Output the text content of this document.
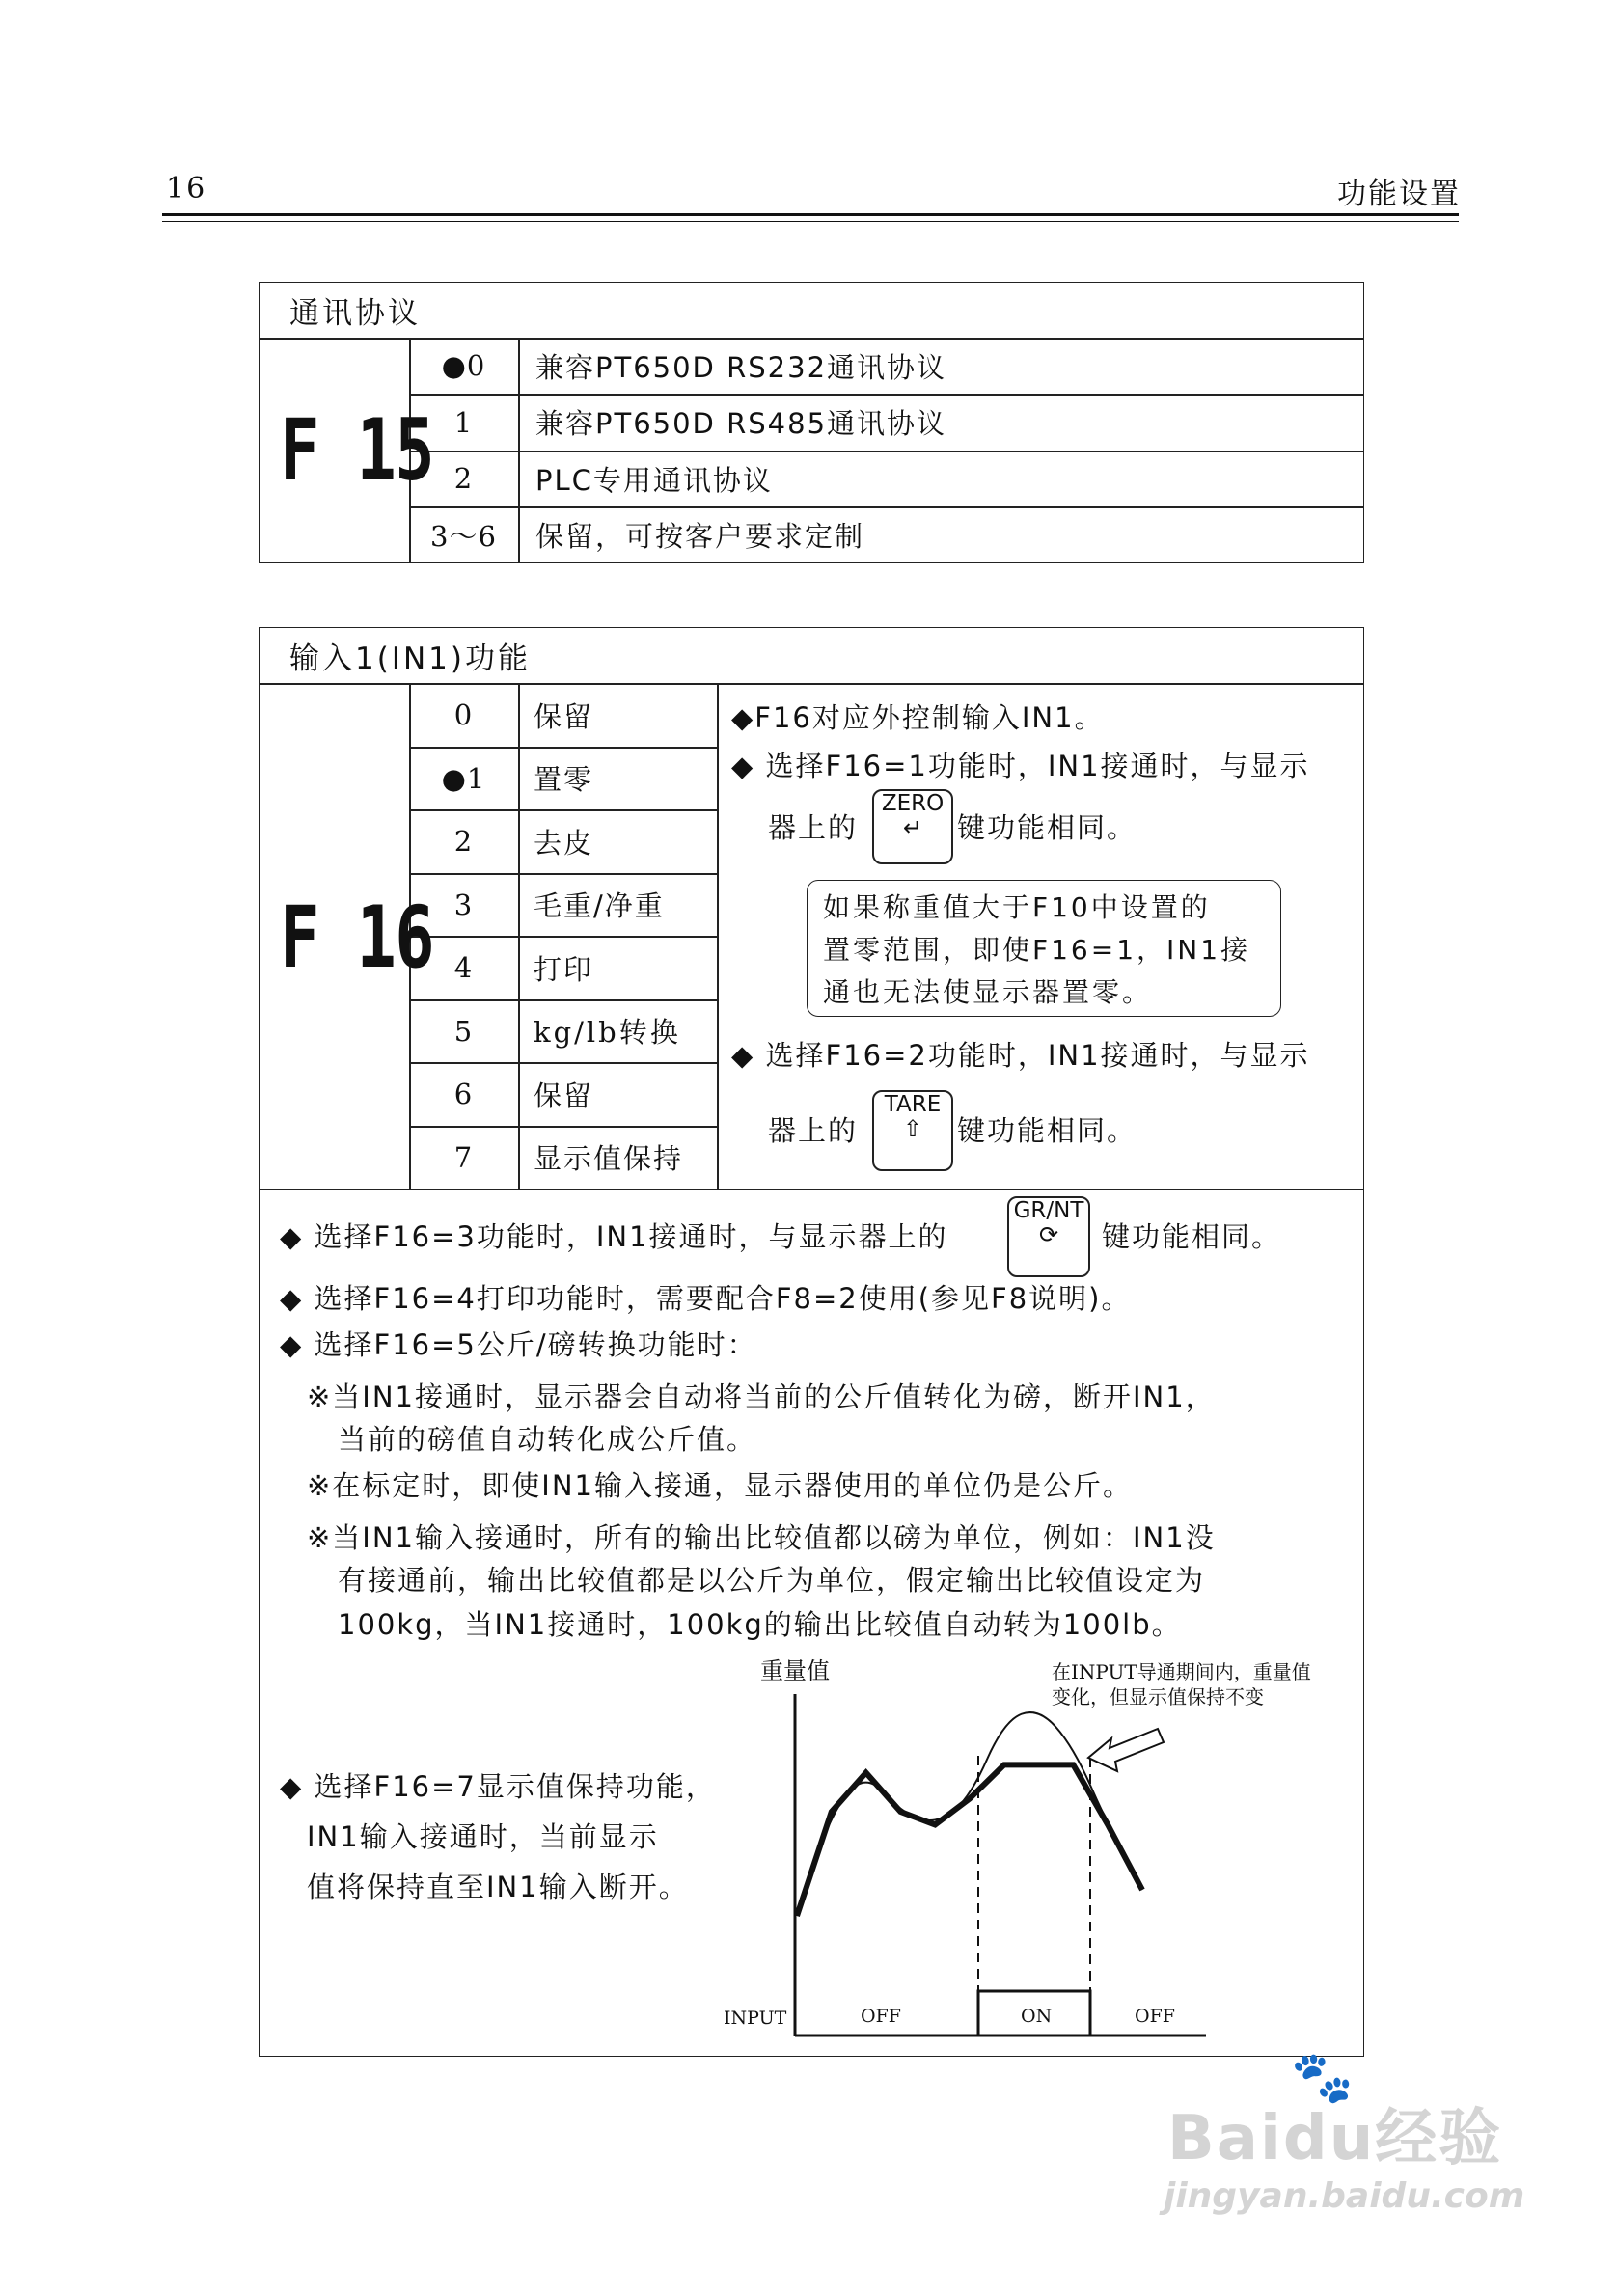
16	功能设置
通讯协议
F 15
●0	兼容PT650D RS232通讯协议
1	兼容PT650D RS485通讯协议
2	PLC专用通讯协议
3～6	保留，可按客户要求定制
输入1(IN1)功能
F 16
0	保留
●1	置零
2	去皮
3	毛重/净重
4	打印
5	kg/lb转换
6	保留
7	显示值保持
◆F16对应外控制输入IN1。
◆ 选择F16=1功能时，IN1接通时，与显示
器上的
ZERO
↵	键功能相同。
如果称重值大于F10中设置的
置零范围，即使F16=1，IN1接
通也无法使显示器置零。
◆ 选择F16=2功能时，IN1接通时，与显示
器上的
TARE
⇧	键功能相同。
◆ 选择F16=3功能时，IN1接通时，与显示器上的
GR/NT
⟳	键功能相同。
◆ 选择F16=4打印功能时，需要配合F8=2使用(参见F8说明)。
◆ 选择F16=5公斤/磅转换功能时：
※当IN1接通时，显示器会自动将当前的公斤值转化为磅，断开IN1，
当前的磅值自动转化成公斤值。
※在标定时，即使IN1输入接通，显示器使用的单位仍是公斤。
※当IN1输入接通时，所有的输出比较值都以磅为单位，例如：IN1没
有接通前，输出比较值都是以公斤为单位，假定输出比较值设定为
100kg，当IN1接通时，100kg的输出比较值自动转为100lb。
◆ 选择F16=7显示值保持功能，
IN1输入接通时，当前显示
值将保持直至IN1输入断开。
重量值
INPUT
在INPUT导通期间内，重量值
变化，但显示值保持不变
OFF	ON	OFF
Baidu经验
jingyan.baidu.com
🐾
